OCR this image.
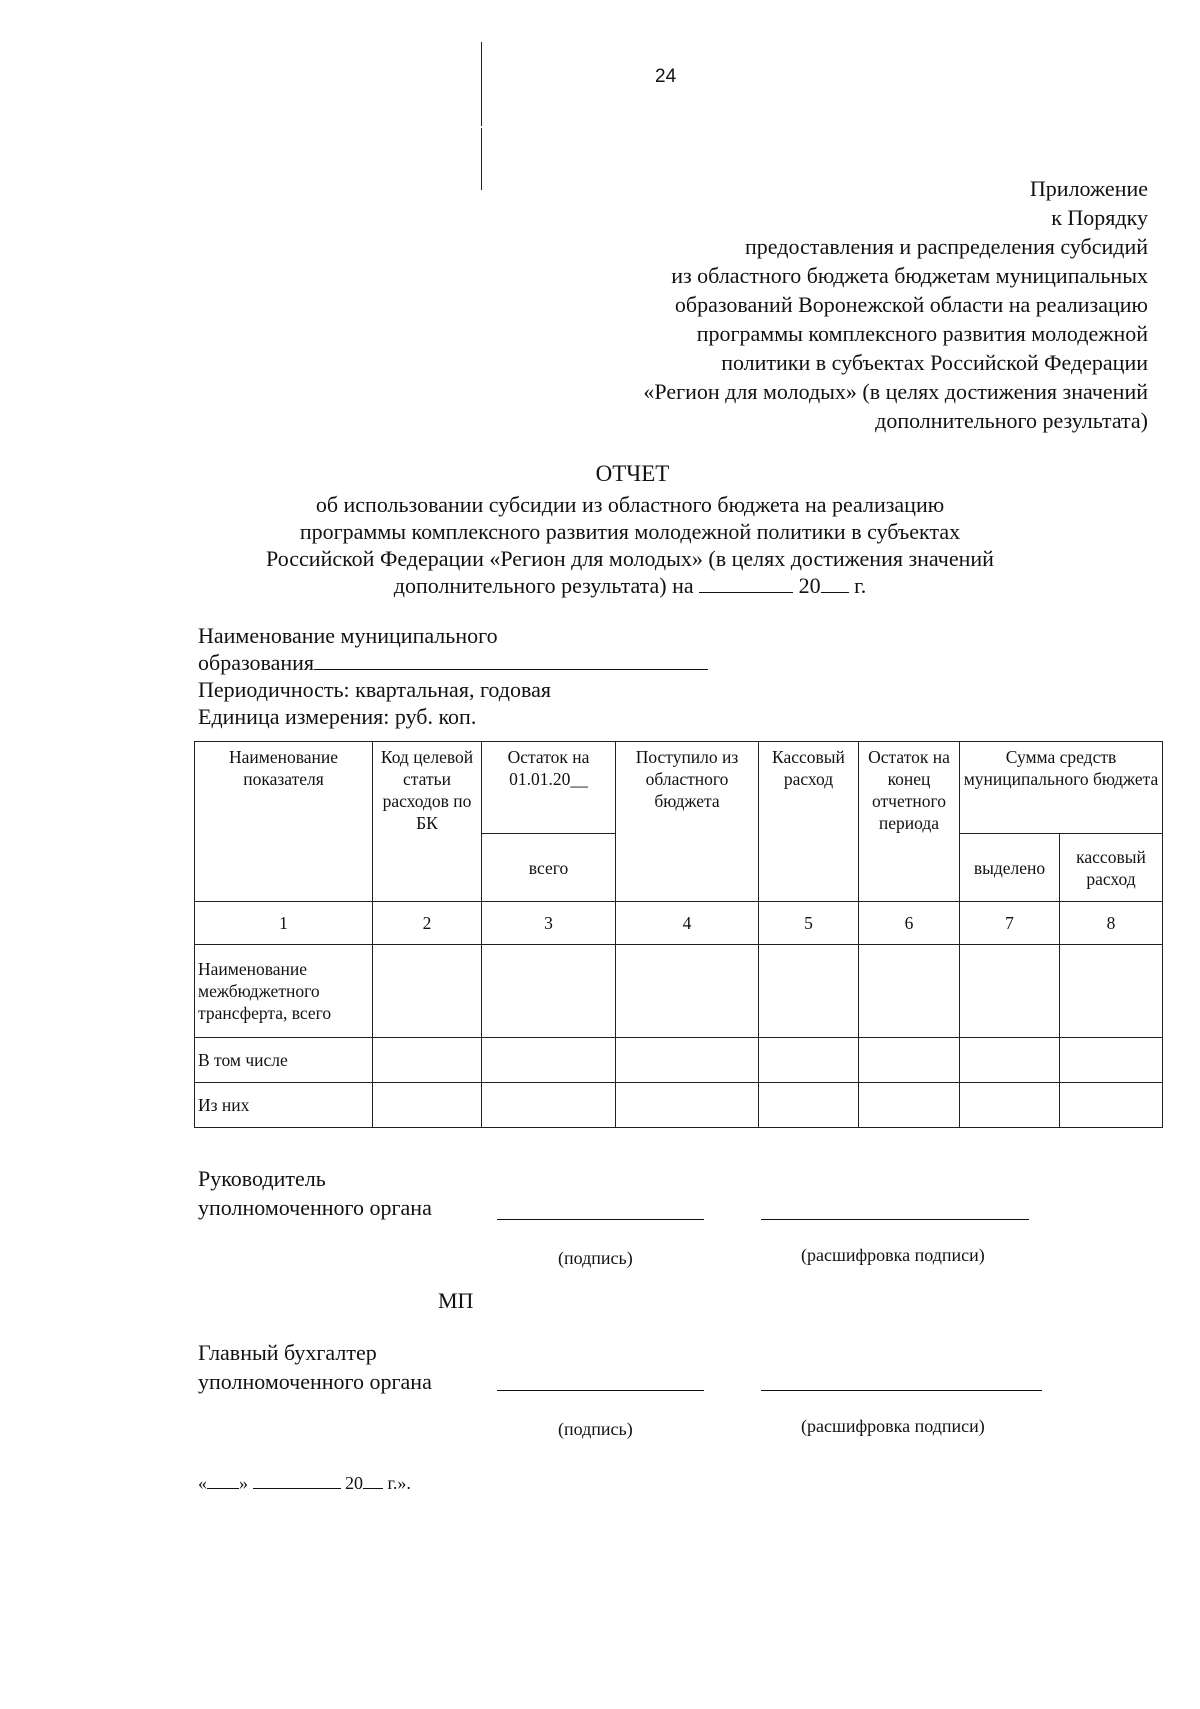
24
Приложение
к Порядку
предоставления и распределения субсидий
из областного бюджета бюджетам муниципальных
образований Воронежской области на реализацию
программы комплексного развития молодежной
политики в субъектах Российской Федерации
«Регион для молодых» (в целях достижения значений
дополнительного результата)
ОТЧЕТ
об использовании субсидии из областного бюджета на реализацию
программы комплексного развития молодежной политики в субъектах
Российской Федерации «Регион для молодых» (в целях достижения значений
дополнительного результата) на	20 г.
Наименование муниципального
образования
Периодичность: квартальная, годовая
Единица измерения: руб. коп.
Наименование показателя	Код целевой статьи расходов по БК	Остаток на 01.01.20__	Поступило из областного бюджета	Кассовый расход	Остаток на конец отчетного периода	Сумма средств муниципального бюджета	
		всего				выделено	кассовый расход
1	2	3	4	5	6	7	8
Наименование межбюджетного трансферта, всего							
В том числе							
Из них							
Руководитель
уполномоченного органа
(подпись)	(расшифровка подписи)
МП
Главный бухгалтер
уполномоченного органа
(подпись)	(расшифровка подписи)
« »	20 г.».
